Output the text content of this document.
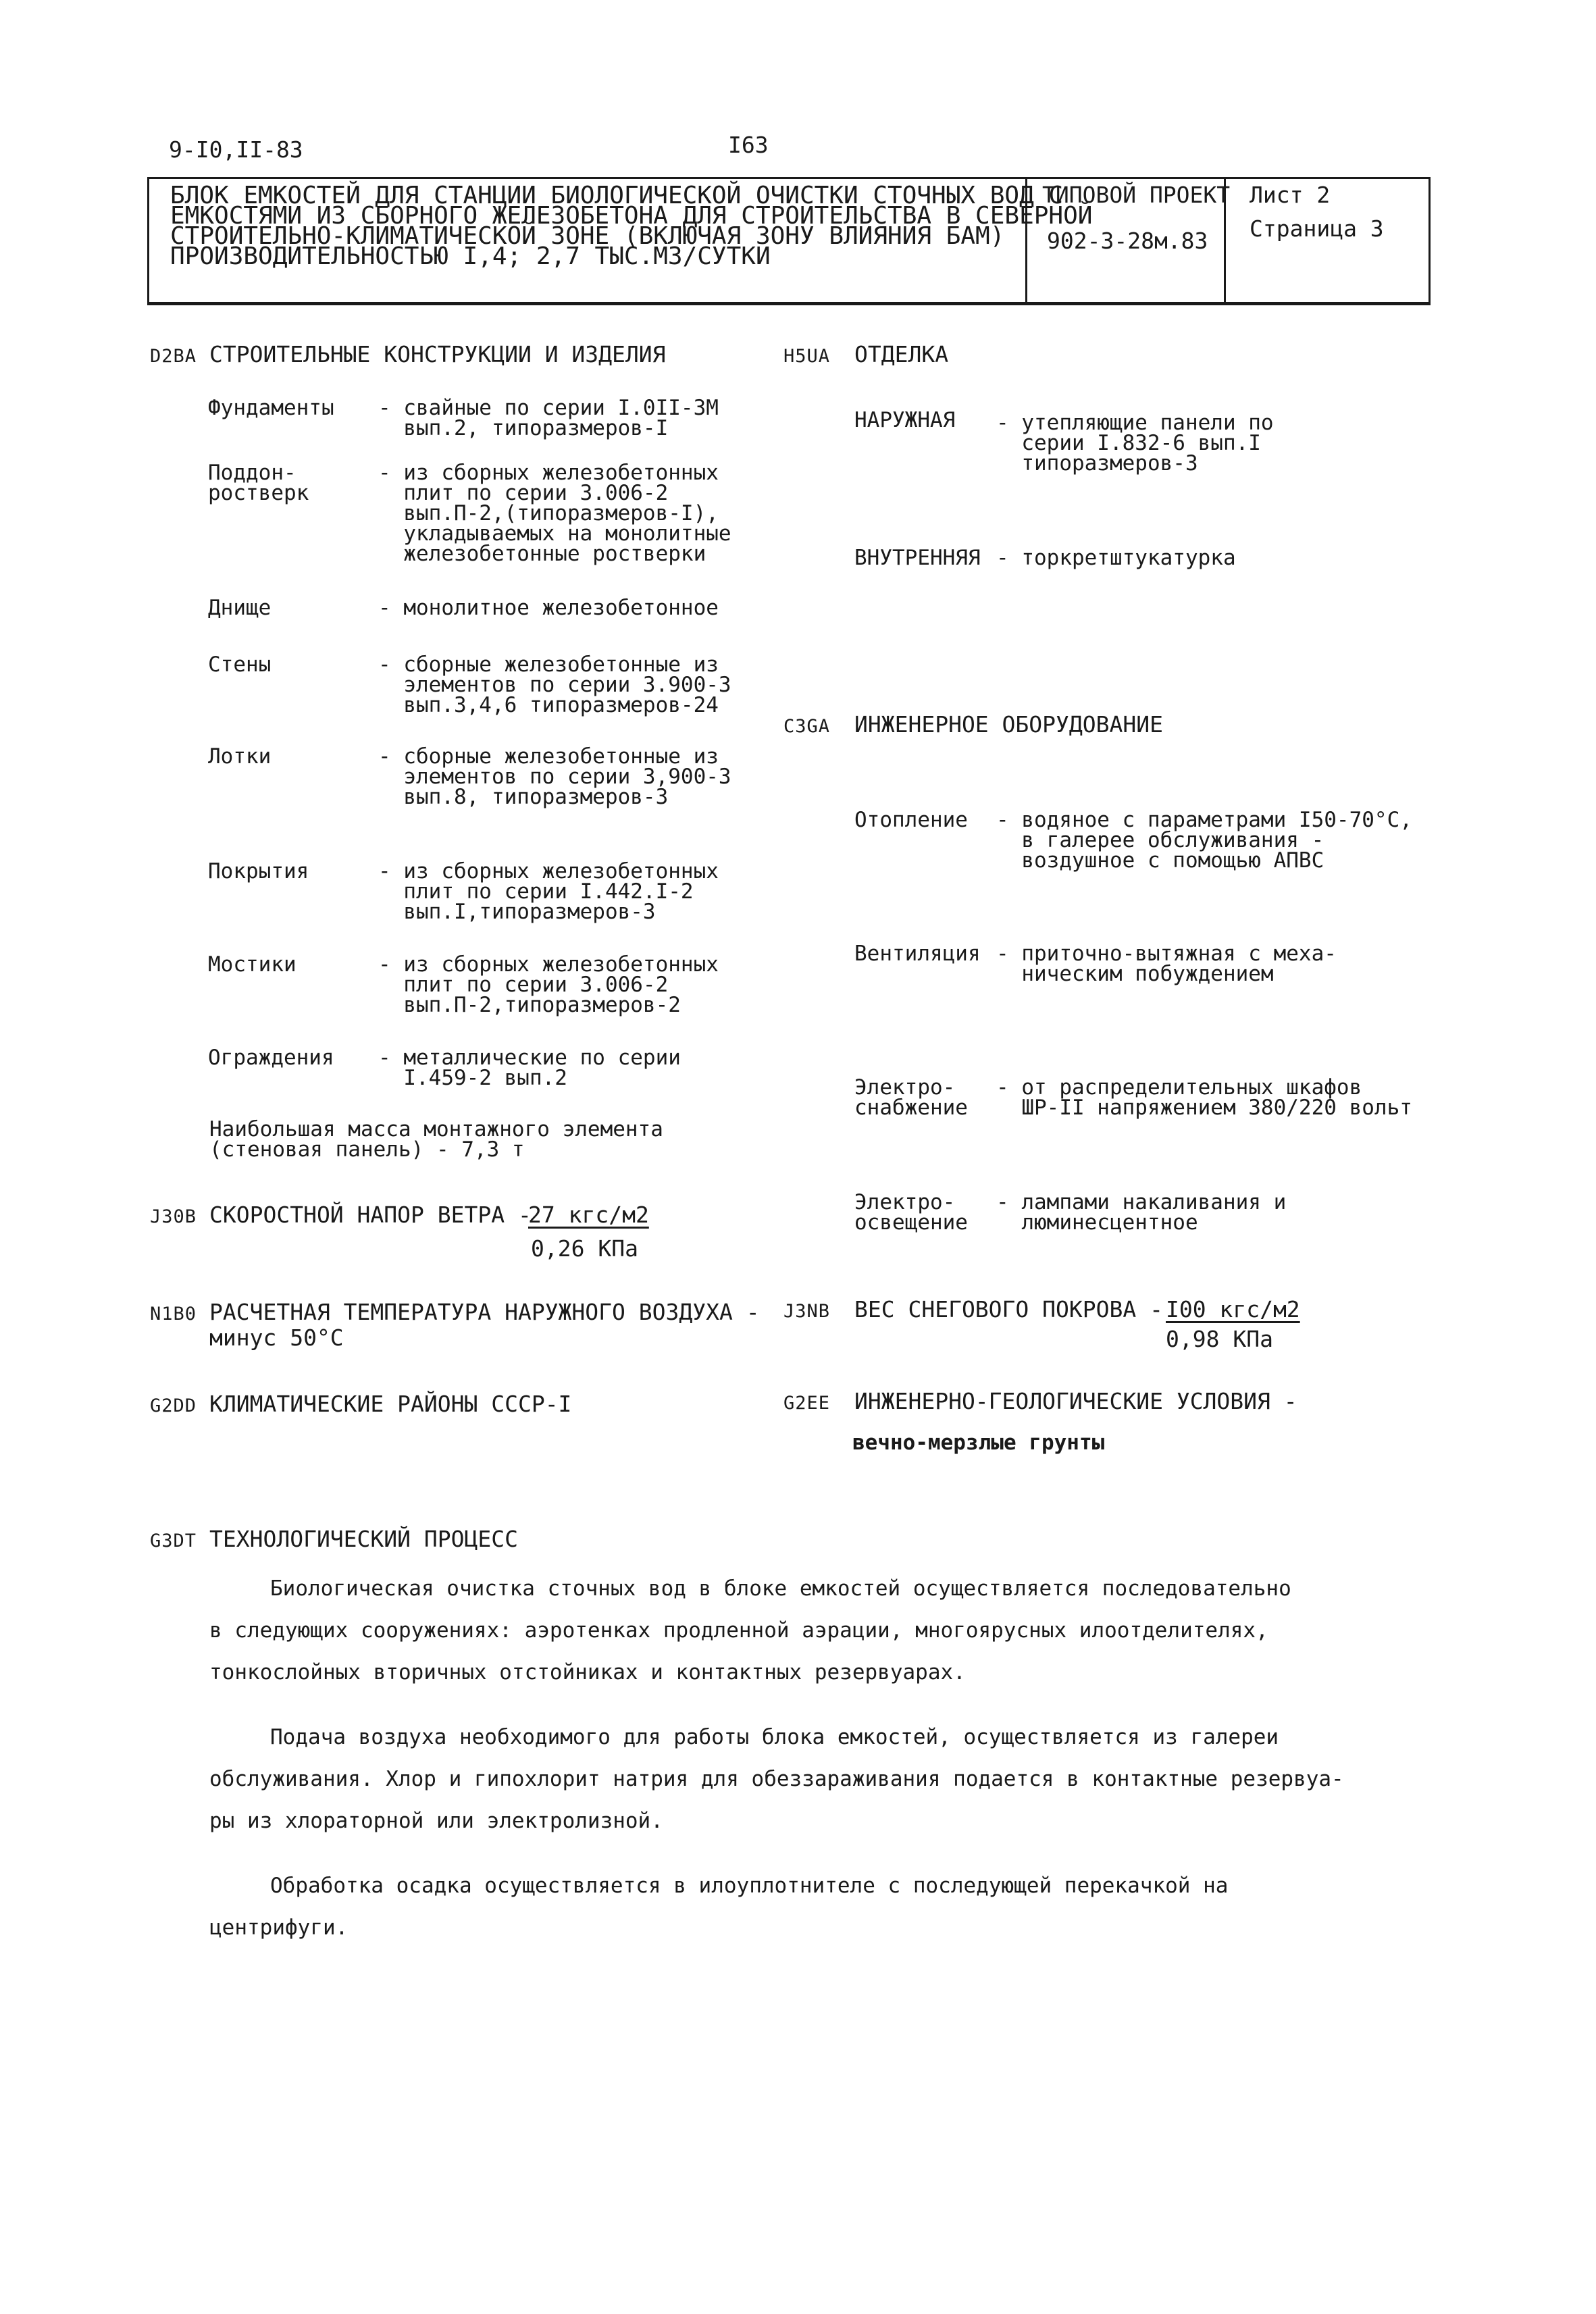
9-I0,II-83	I63
БЛОК ЕМКОСТЕЙ ДЛЯ СТАНЦИИ БИОЛОГИЧЕСКОЙ ОЧИСТКИ СТОЧНЫХ ВОД С
ЕМКОСТЯМИ ИЗ СБОРНОГО ЖЕЛЕЗОБЕТОНА ДЛЯ СТРОИТЕЛЬСТВА В СЕВЕРНОЙ
СТРОИТЕЛЬНО-КЛИМАТИЧЕСКОЙ ЗОНЕ (ВКЛЮЧАЯ ЗОНУ ВЛИЯНИЯ БАМ)
ПРОИЗВОДИТЕЛЬНОСТЬЮ I,4; 2,7 ТЫС.М3/СУТКИ
ТИПОВОЙ ПРОЕКТ
902-3-28м.83
Лист 2
Страница 3
D2BA СТРОИТЕЛЬНЫЕ КОНСТРУКЦИИ И ИЗДЕЛИЯ
Фундаменты - свайные по серии I.0II-3М
вып.2, типоразмеров-I
Поддон-
ростверк
- из сборных железобетонных
плит по серии 3.006-2
вып.П-2,(типоразмеров-I),
укладываемых на монолитные
железобетонные ростверки
Днище	- монолитное железобетонное
Стены	- сборные железобетонные из
элементов по серии 3.900-3
вып.3,4,6 типоразмеров-24
Лотки	- сборные железобетонные из
элементов по серии 3,900-3
вып.8, типоразмеров-3
Покрытия	- из сборных железобетонных
плит по серии I.442.I-2
вып.I,типоразмеров-3
Мостики	- из сборных железобетонных
плит по серии 3.006-2
вып.П-2,типоразмеров-2
Ограждения - металлические по серии
I.459-2 вып.2
Наибольшая масса монтажного элемента
(стеновая панель) - 7,3 т
J30B СКОРОСТНОЙ НАПОР ВЕТРА -
27 кгс/м2
0,26 КПа
N1B0 РАСЧЕТНАЯ ТЕМПЕРАТУРА НАРУЖНОГО ВОЗДУХА -
минус 50°С
G2DD КЛИМАТИЧЕСКИЕ РАЙОНЫ СССР-I
H5UA ОТДЕЛКА
НАРУЖНАЯ - утепляющие панели по
серии I.832-6 вып.I
типоразмеров-3
ВНУТРЕННЯЯ - торкретштукатурка
C3GA ИНЖЕНЕРНОЕ ОБОРУДОВАНИЕ
Отопление - водяное с параметрами I50-70°С,
в галерее обслуживания -
воздушное с помощью АПВС
Вентиляция - приточно-вытяжная с меха-
ническим побуждением
Электро-
снабжение
- от распределительных шкафов
ШР-II напряжением 380/220 вольт
Электро-
освещение
- лампами накаливания и
люминесцентное
J3NB ВЕС СНЕГОВОГО ПОКРОВА -
I00 кгс/м2
0,98 КПа
G2EE ИНЖЕНЕРНО-ГЕОЛОГИЧЕСКИЕ УСЛОВИЯ -
вечно-мерзлые грунты
G3DT ТЕХНОЛОГИЧЕСКИЙ ПРОЦЕСС
Биологическая очистка сточных вод в блоке емкостей осуществляется последовательно
в следующих сооружениях: аэротенках продленной аэрации, многоярусных илоотделителях,
тонкослойных вторичных отстойниках и контактных резервуарах.
Подача воздуха необходимого для работы блока емкостей, осуществляется из галереи
обслуживания. Хлор и гипохлорит натрия для обеззараживания подается в контактные резервуа-
ры из хлораторной или электролизной.
Обработка осадка осуществляется в илоуплотнителе с последующей перекачкой на
центрифуги.
